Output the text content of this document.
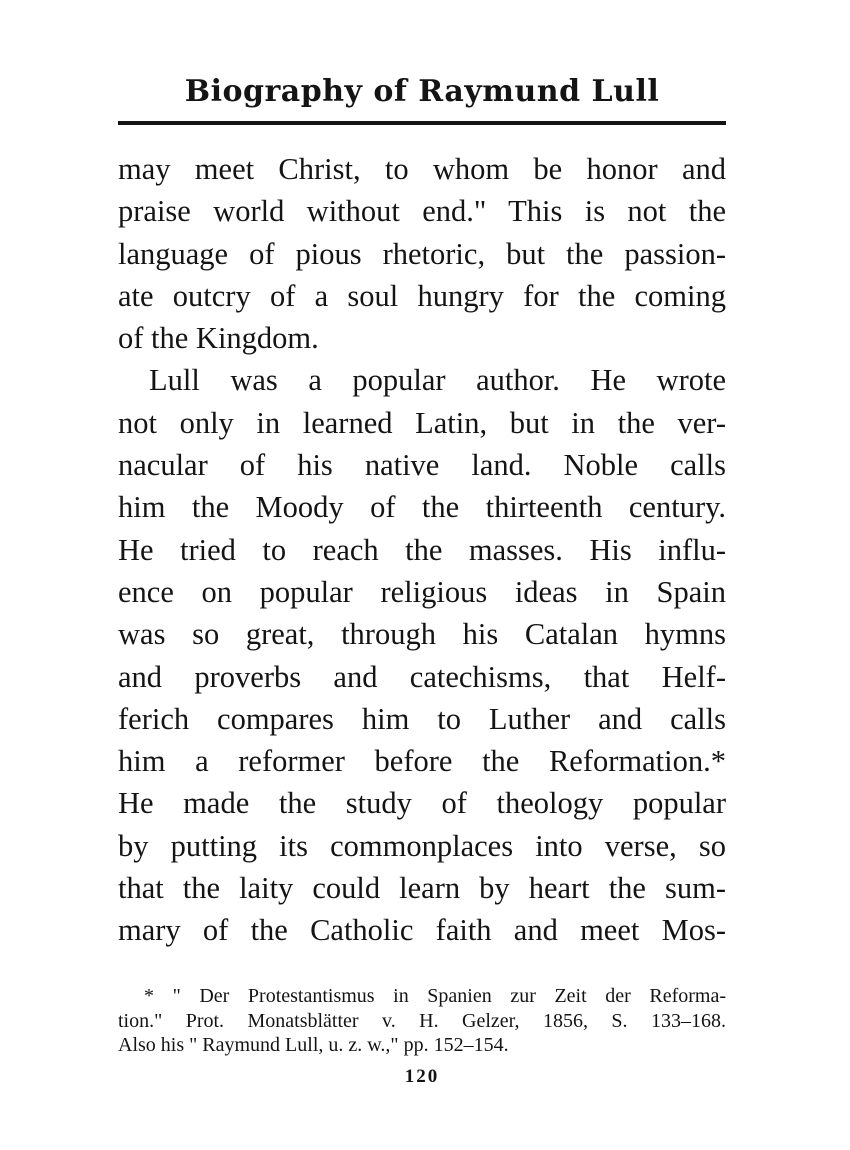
Biography of Raymund Lull
may meet Christ, to whom be honor and
praise world without end." This is not the
language of pious rhetoric, but the passion-
ate outcry of a soul hungry for the coming
of the Kingdom.
Lull was a popular author. He wrote
not only in learned Latin, but in the ver-
nacular of his native land. Noble calls
him the Moody of the thirteenth century.
He tried to reach the masses. His influ-
ence on popular religious ideas in Spain
was so great, through his Catalan hymns
and proverbs and catechisms, that Helf-
ferich compares him to Luther and calls
him a reformer before the Reformation.*
He made the study of theology popular
by putting its commonplaces into verse, so
that the laity could learn by heart the sum-
mary of the Catholic faith and meet Mos-
* " Der Protestantismus in Spanien zur Zeit der Reforma-
tion." Prot. Monatsblätter v. H. Gelzer, 1856, S. 133–168.
Also his " Raymund Lull, u. z. w.," pp. 152–154.
120
